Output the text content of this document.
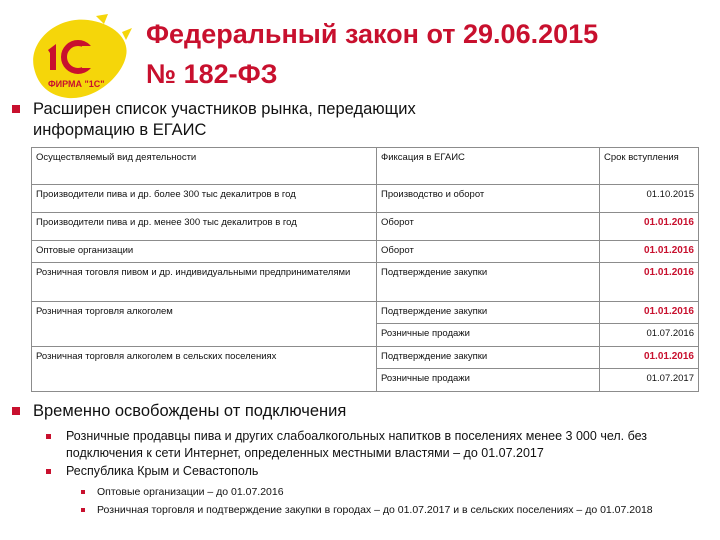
ФИРМА "1С"
Федеральный закон от 29.06.2015
№ 182-ФЗ
Расширен список участников рынка, передающих информацию в ЕГАИС
Осуществляемый вид деятельности	Фиксация в ЕГАИС	Срок вступления
Производители пива и др. более 300 тыс декалитров в год	Производство и оборот	01.10.2015
Производители пива и др. менее 300 тыс декалитров в год	Оборот	01.01.2016
Оптовые организации	Оборот	01.01.2016
Розничная тоговля пивом и др. индивидуальными предпринимателями	Подтверждение закупки	01.01.2016
Розничная торговля алкоголем	Подтверждение закупки	01.01.2016
	Розничные продажи	01.07.2016
Розничная торговля алкоголем в сельских поселениях	Подтверждение закупки	01.01.2016
	Розничные продажи	01.07.2017
Временно освобождены от подключения
Розничные продавцы пива и других слабоалкогольных напитков в поселениях менее 3 000 чел. без подключения к сети Интернет, определенных местными властями – до 01.07.2017
Республика Крым и Севастополь
Оптовые организации – до 01.07.2016
Розничная торговля и подтверждение закупки в городах – до 01.07.2017 и в сельских поселениях – до 01.07.2018
